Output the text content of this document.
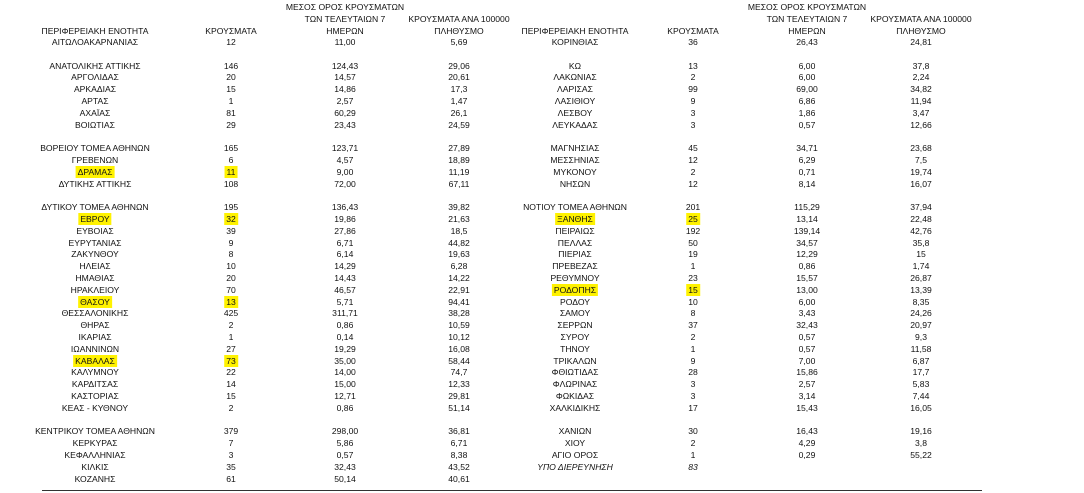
ΠΕΡΙΦΕΡΕΙΑΚΗ ΕΝΟΤΗΤΑ	ΚΡΟΥΣΜΑΤΑ
ΜΕΣΟΣ ΟΡΟΣ ΚΡΟΥΣΜΑΤΩΝ
ΤΩΝ ΤΕΛΕΥΤΑΙΩΝ 7
ΗΜΕΡΩΝ
ΚΡΟΥΣΜΑΤΑ ΑΝΑ 100000
ΠΛΗΘΥΣΜΟ	ΠΕΡΙΦΕΡΕΙΑΚΗ ΕΝΟΤΗΤΑ	ΚΡΟΥΣΜΑΤΑ
ΜΕΣΟΣ ΟΡΟΣ ΚΡΟΥΣΜΑΤΩΝ
ΤΩΝ ΤΕΛΕΥΤΑΙΩΝ 7
ΗΜΕΡΩΝ
ΚΡΟΥΣΜΑΤΑ ΑΝΑ 100000
ΠΛΗΘΥΣΜΟ
ΑΙΤΩΛΟΑΚΑΡΝΑΝΙΑΣ	12	11,00	5,69
ΑΝΑΤΟΛΙΚΗΣ ΑΤΤΙΚΗΣ	146	124,43	29,06
ΑΡΓΟΛΙΔΑΣ	20	14,57	20,61
ΑΡΚΑΔΙΑΣ	15	14,86	17,3
ΑΡΤΑΣ	1	2,57	1,47
ΑΧΑΪΑΣ	81	60,29	26,1
ΒΟΙΩΤΙΑΣ	29	23,43	24,59
ΒΟΡΕΙΟΥ ΤΟΜΕΑ ΑΘΗΝΩΝ	165	123,71	27,89
ΓΡΕΒΕΝΩΝ	6	4,57	18,89
ΔΡΑΜΑΣ	11	9,00	11,19
ΔΥΤΙΚΗΣ ΑΤΤΙΚΗΣ	108	72,00	67,11
ΔΥΤΙΚΟΥ ΤΟΜΕΑ ΑΘΗΝΩΝ	195	136,43	39,82
ΕΒΡΟΥ	32	19,86	21,63
ΕΥΒΟΙΑΣ	39	27,86	18,5
ΕΥΡΥΤΑΝΙΑΣ	9	6,71	44,82
ΖΑΚΥΝΘΟΥ	8	6,14	19,63
ΗΛΕΙΑΣ	10	14,29	6,28
ΗΜΑΘΙΑΣ	20	14,43	14,22
ΗΡΑΚΛΕΙΟΥ	70	46,57	22,91
ΘΑΣΟΥ	13	5,71	94,41
ΘΕΣΣΑΛΟΝΙΚΗΣ	425	311,71	38,28
ΘΗΡΑΣ	2	0,86	10,59
ΙΚΑΡΙΑΣ	1	0,14	10,12
ΙΩΑΝΝΙΝΩΝ	27	19,29	16,08
ΚΑΒΑΛΑΣ	73	35,00	58,44
ΚΑΛΥΜΝΟΥ	22	14,00	74,7
ΚΑΡΔΙΤΣΑΣ	14	15,00	12,33
ΚΑΣΤΟΡΙΑΣ	15	12,71	29,81
ΚΕΑΣ - ΚΥΘΝΟΥ	2	0,86	51,14
ΚΕΝΤΡΙΚΟΥ ΤΟΜΕΑ ΑΘΗΝΩΝ	379	298,00	36,81
ΚΕΡΚΥΡΑΣ	7	5,86	6,71
ΚΕΦΑΛΛΗΝΙΑΣ	3	0,57	8,38
ΚΙΛΚΙΣ	35	32,43	43,52
ΚΟΖΑΝΗΣ	61	50,14	40,61
ΚΟΡΙΝΘΙΑΣ	36	26,43	24,81
ΚΩ	13	6,00	37,8
ΛΑΚΩΝΙΑΣ	2	6,00	2,24
ΛΑΡΙΣΑΣ	99	69,00	34,82
ΛΑΣΙΘΙΟΥ	9	6,86	11,94
ΛΕΣΒΟΥ	3	1,86	3,47
ΛΕΥΚΑΔΑΣ	3	0,57	12,66
ΜΑΓΝΗΣΙΑΣ	45	34,71	23,68
ΜΕΣΣΗΝΙΑΣ	12	6,29	7,5
ΜΥΚΟΝΟΥ	2	0,71	19,74
ΝΗΣΩΝ	12	8,14	16,07
ΝΟΤΙΟΥ ΤΟΜΕΑ ΑΘΗΝΩΝ	201	115,29	37,94
ΞΑΝΘΗΣ	25	13,14	22,48
ΠΕΙΡΑΙΩΣ	192	139,14	42,76
ΠΕΛΛΑΣ	50	34,57	35,8
ΠΙΕΡΙΑΣ	19	12,29	15
ΠΡΕΒΕΖΑΣ	1	0,86	1,74
ΡΕΘΥΜΝΟΥ	23	15,57	26,87
ΡΟΔΟΠΗΣ	15	13,00	13,39
ΡΟΔΟΥ	10	6,00	8,35
ΣΑΜΟΥ	8	3,43	24,26
ΣΕΡΡΩΝ	37	32,43	20,97
ΣΥΡΟΥ	2	0,57	9,3
ΤΗΝΟΥ	1	0,57	11,58
ΤΡΙΚΑΛΩΝ	9	7,00	6,87
ΦΘΙΩΤΙΔΑΣ	28	15,86	17,7
ΦΛΩΡΙΝΑΣ	3	2,57	5,83
ΦΩΚΙΔΑΣ	3	3,14	7,44
ΧΑΛΚΙΔΙΚΗΣ	17	15,43	16,05
ΧΑΝΙΩΝ	30	16,43	19,16
ΧΙΟΥ	2	4,29	3,8
ΑΓΙΟ ΟΡΟΣ	1	0,29	55,22
ΥΠΟ ΔΙΕΡΕΥΝΗΣΗ	83
